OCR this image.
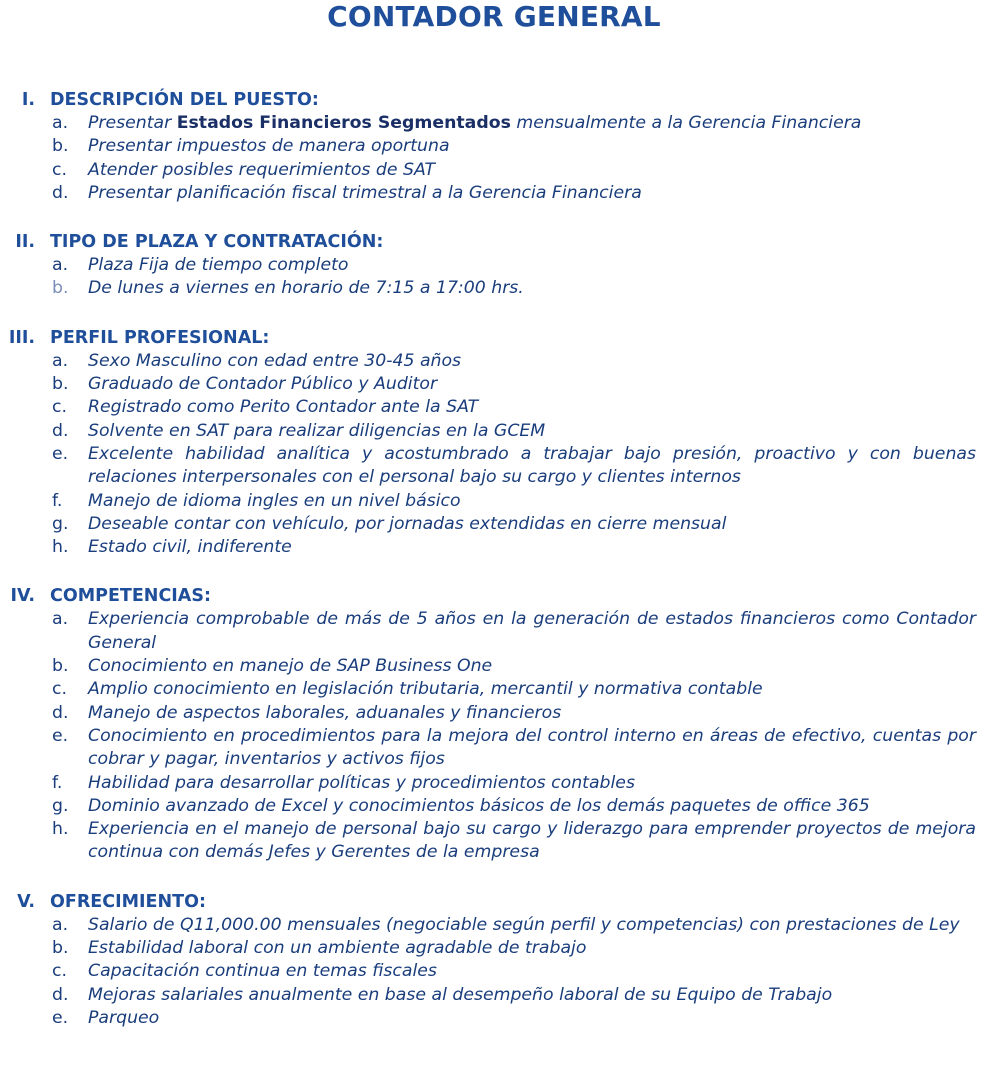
CONTADOR GENERAL
I. DESCRIPCIÓN DEL PUESTO:
a. Presentar Estados Financieros Segmentados mensualmente a la Gerencia Financiera
b. Presentar impuestos de manera oportuna
c. Atender posibles requerimientos de SAT
d. Presentar planificación fiscal trimestral a la Gerencia Financiera
II. TIPO DE PLAZA Y CONTRATACIÓN:
a. Plaza Fija de tiempo completo
b. De lunes a viernes en horario de 7:15 a 17:00 hrs.
III. PERFIL PROFESIONAL:
a. Sexo Masculino con edad entre 30-45 años
b. Graduado de Contador Público y Auditor
c. Registrado como Perito Contador ante la SAT
d. Solvente en SAT para realizar diligencias en la GCEM
e. Excelente habilidad analítica y acostumbrado a trabajar bajo presión, proactivo y con buenas relaciones interpersonales con el personal bajo su cargo y clientes internos
f. Manejo de idioma ingles en un nivel básico
g. Deseable contar con vehículo, por jornadas extendidas en cierre mensual
h. Estado civil, indiferente
IV. COMPETENCIAS:
a. Experiencia comprobable de más de 5 años en la generación de estados financieros como Contador General
b. Conocimiento en manejo de SAP Business One
c. Amplio conocimiento en legislación tributaria, mercantil y normativa contable
d. Manejo de aspectos laborales, aduanales y financieros
e. Conocimiento en procedimientos para la mejora del control interno en áreas de efectivo, cuentas por cobrar y pagar, inventarios y activos fijos
f. Habilidad para desarrollar políticas y procedimientos contables
g. Dominio avanzado de Excel y conocimientos básicos de los demás paquetes de office 365
h. Experiencia en el manejo de personal bajo su cargo y liderazgo para emprender proyectos de mejora continua con demás Jefes y Gerentes de la empresa
V. OFRECIMIENTO:
a. Salario de Q11,000.00 mensuales (negociable según perfil y competencias) con prestaciones de Ley
b. Estabilidad laboral con un ambiente agradable de trabajo
c. Capacitación continua en temas fiscales
d. Mejoras salariales anualmente en base al desempeño laboral de su Equipo de Trabajo
e. Parqueo
